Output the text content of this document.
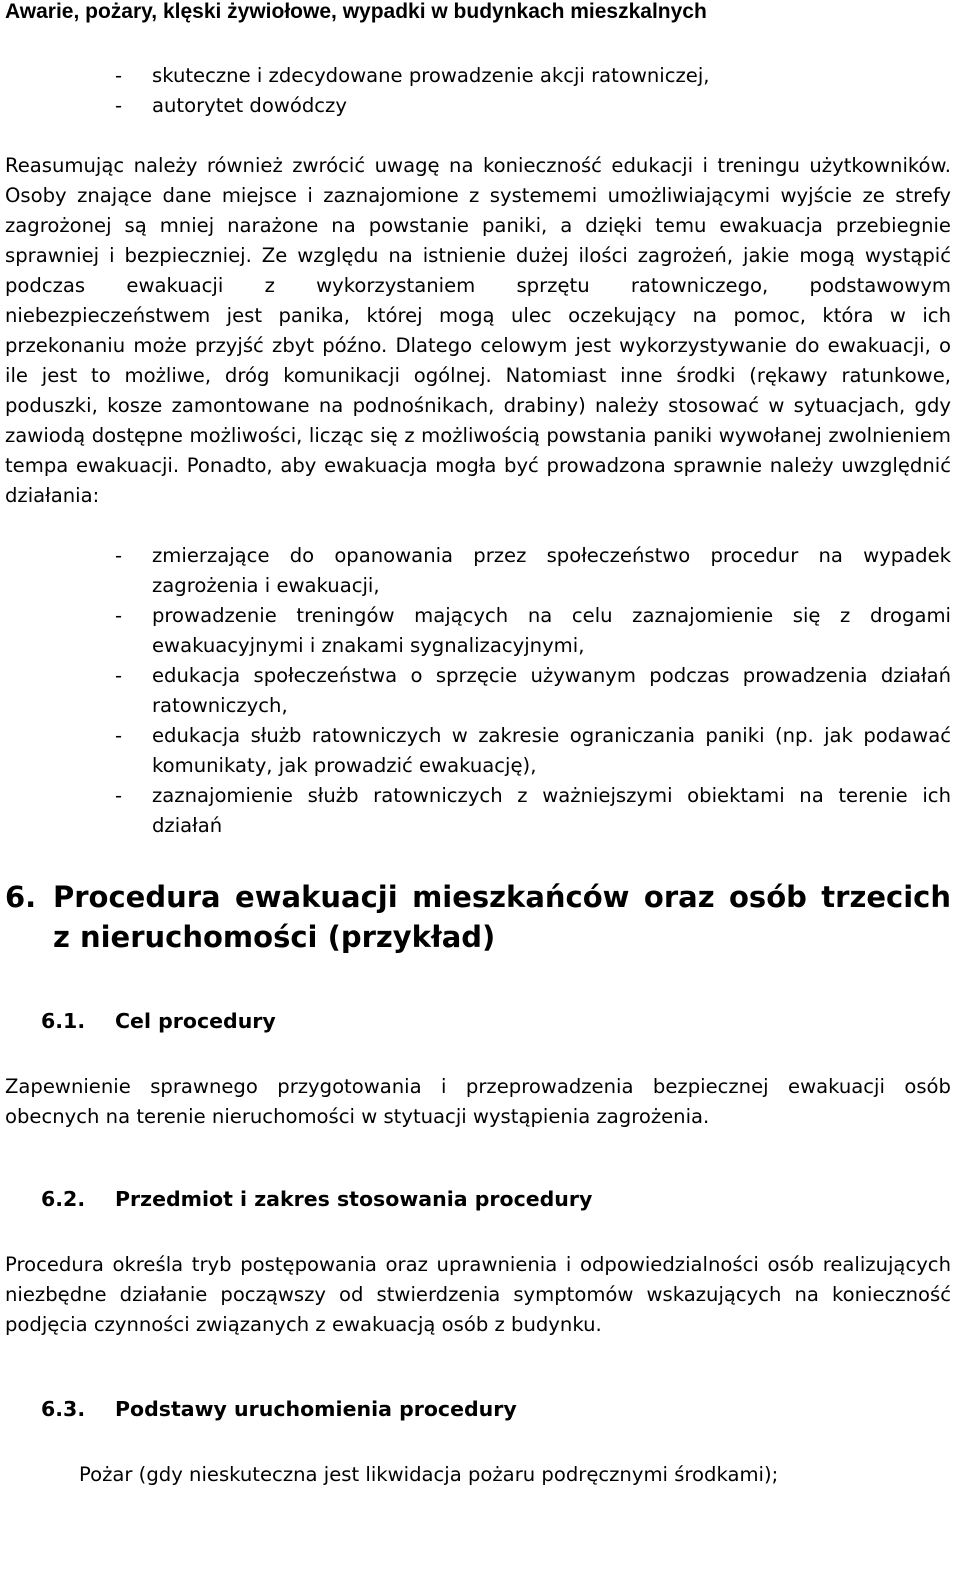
Awarie, pożary, klęski żywiołowe, wypadki w budynkach mieszkalnych
- skuteczne i zdecydowane prowadzenie akcji ratowniczej,
- autorytet dowódczy

Reasumując należy również zwrócić uwagę na konieczność edukacji i treningu użytkowników. Osoby znające dane miejsce i zaznajomione z systememi umożliwiającymi wyjście ze strefy zagrożonej są mniej narażone na powstanie paniki, a dzięki temu ewakuacja przebiegnie sprawniej i bezpieczniej. Ze względu na istnienie dużej ilości zagrożeń, jakie mogą wystąpić podczas ewakuacji z wykorzystaniem sprzętu ratowniczego, podstawowym niebezpieczeństwem jest panika, której mogą ulec oczekujący na pomoc, która w ich przekonaniu może przyjść zbyt późno. Dlatego celowym jest wykorzystywanie do ewakuacji, o ile jest to możliwe, dróg komunikacji ogólnej. Natomiast inne środki (rękawy ratunkowe, poduszki, kosze zamontowane na podnośnikach, drabiny) należy stosować w sytuacjach, gdy zawiodą dostępne możliwości, licząc się z możliwością powstania paniki wywołanej zwolnieniem tempa ewakuacji. Ponadto, aby ewakuacja mogła być prowadzona sprawnie należy uwzględnić działania:

- zmierzające do opanowania przez społeczeństwo procedur na wypadek zagrożenia i ewakuacji,
- prowadzenie treningów mających na celu zaznajomienie się z drogami ewakuacyjnymi i znakami sygnalizacyjnymi,
- edukacja społeczeństwa o sprzęcie używanym podczas prowadzenia działań ratowniczych,
- edukacja służb ratowniczych w zakresie ograniczania paniki (np. jak podawać komunikaty, jak prowadzić ewakuację),
- zaznajomienie służb ratowniczych z ważniejszymi obiektami na terenie ich działań
6. Procedura ewakuacji mieszkańców oraz osób trzecich z nieruchomości (przykład)
6.1. Cel procedury

Zapewnienie sprawnego przygotowania i przeprowadzenia bezpiecznej ewakuacji osób obecnych na terenie nieruchomości w stytuacji wystąpienia zagrożenia.

6.2. Przedmiot i zakres stosowania procedury

Procedura określa tryb postępowania oraz uprawnienia i odpowiedzialności osób realizujących niezbędne działanie począwszy od stwierdzenia symptomów wskazujących na konieczność podjęcia czynności związanych z ewakuacją osób z budynku.

6.3. Podstawy uruchomienia procedury

Pożar (gdy nieskuteczna jest likwidacja pożaru podręcznymi środkami);
